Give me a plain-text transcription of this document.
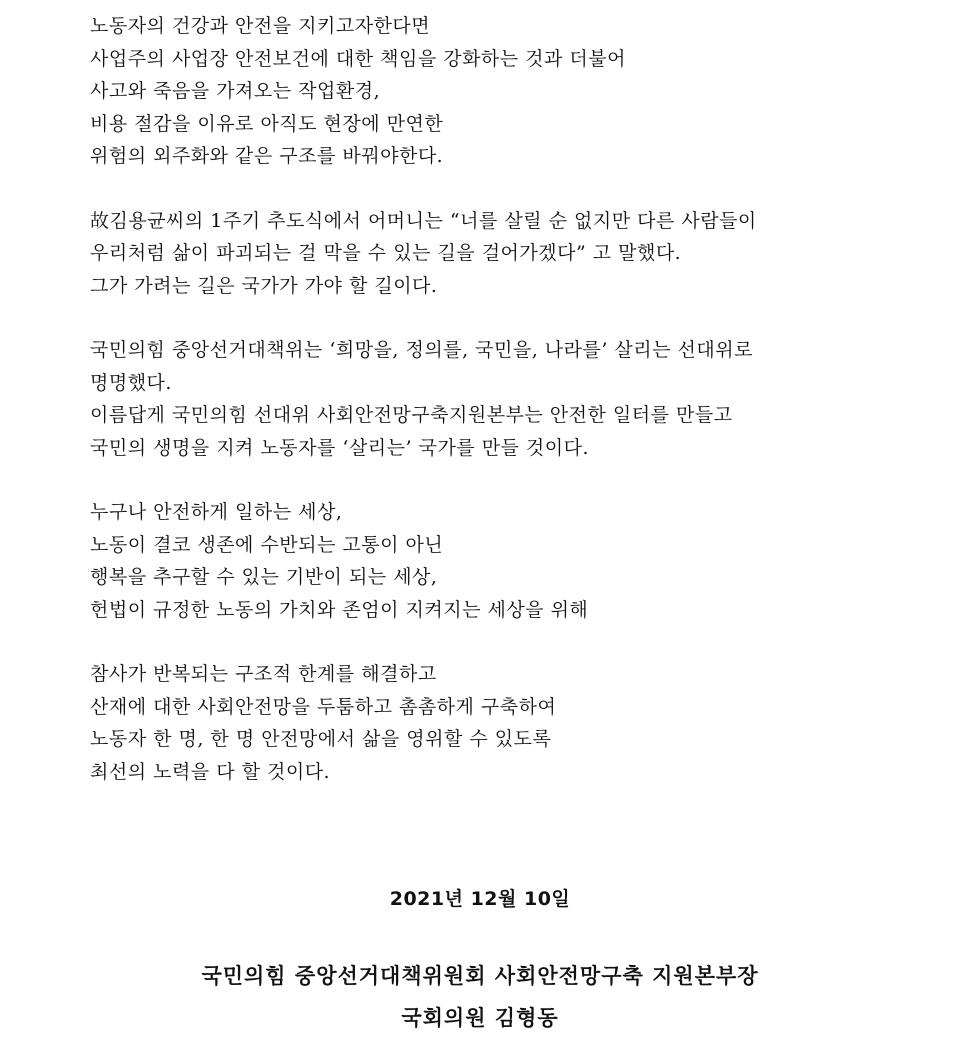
노동자의 건강과 안전을 지키고자한다면
사업주의 사업장 안전보건에 대한 책임을 강화하는 것과 더불어
사고와 죽음을 가져오는 작업환경,
비용 절감을 이유로 아직도 현장에 만연한
위험의 외주화와 같은 구조를 바꿔야한다.
故김용균씨의 1주기 추도식에서 어머니는 “너를 살릴 순 없지만 다른 사람들이
우리처럼 삶이 파괴되는 걸 막을 수 있는 길을 걸어가겠다” 고 말했다.
그가 가려는 길은 국가가 가야 할 길이다.
국민의힘 중앙선거대책위는 ‘희망을, 정의를, 국민을, 나라를’ 살리는 선대위로
명명했다.
이름답게 국민의힘 선대위 사회안전망구축지원본부는 안전한 일터를 만들고
국민의 생명을 지켜 노동자를 ‘살리는’ 국가를 만들 것이다.
누구나 안전하게 일하는 세상,
노동이 결코 생존에 수반되는 고통이 아닌
행복을 추구할 수 있는 기반이 되는 세상,
헌법이 규정한 노동의 가치와 존엄이 지켜지는 세상을 위해
참사가 반복되는 구조적 한계를 해결하고
산재에 대한 사회안전망을 두툼하고 촘촘하게 구축하여
노동자 한 명, 한 명 안전망에서 삶을 영위할 수 있도록
최선의 노력을 다 할 것이다.
2021년 12월 10일
국민의힘 중앙선거대책위원회 사회안전망구축 지원본부장
국회의원 김형동
